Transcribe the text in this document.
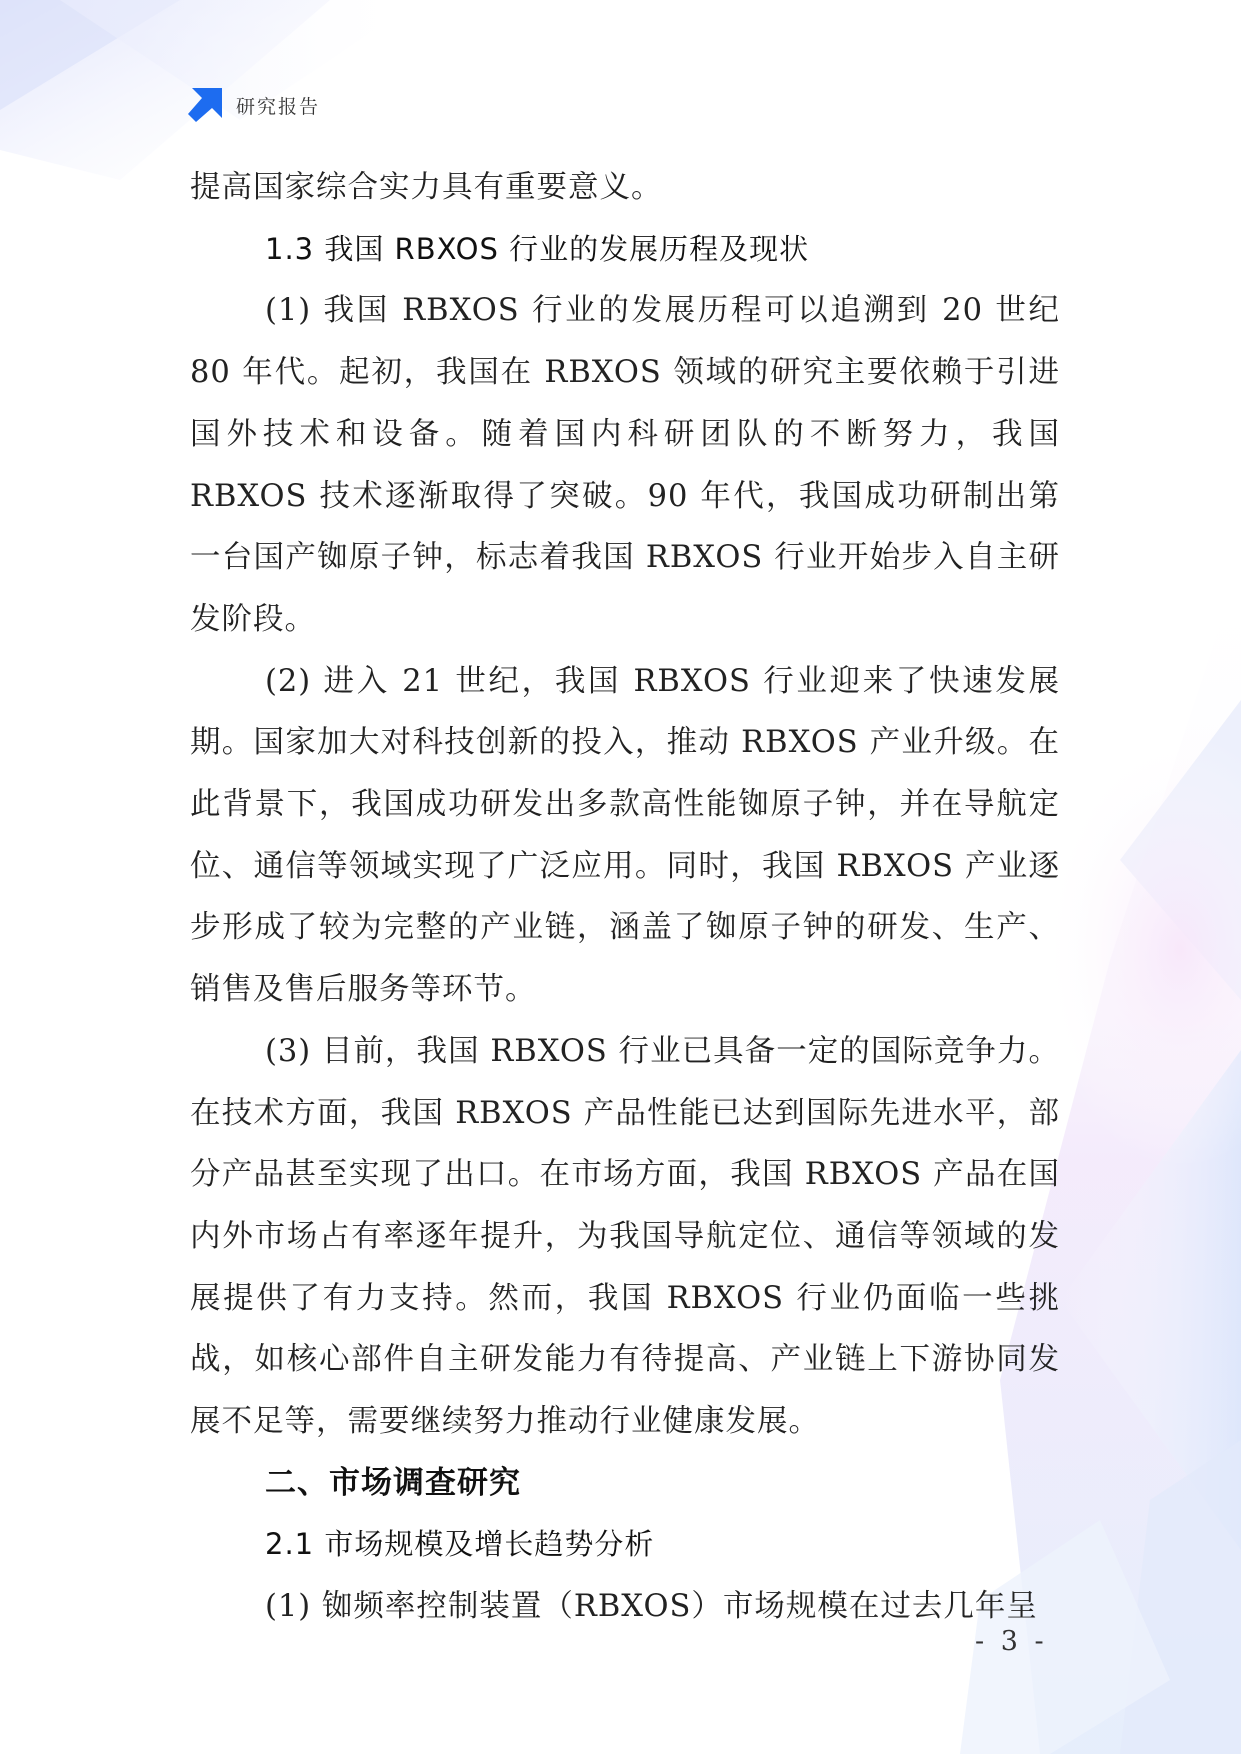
研究报告

提高国家综合实力具有重要意义。

1.3 我国 RBXOS 行业的发展历程及现状

(1) 我国 RBXOS 行业的发展历程可以追溯到 20 世纪 80 年代。起初，我国在 RBXOS 领域的研究主要依赖于引进国外技术和设备。随着国内科研团队的不断努力，我国 RBXOS 技术逐渐取得了突破。90 年代，我国成功研制出第一台国产铷原子钟，标志着我国 RBXOS 行业开始步入自主研发阶段。

(2) 进入 21 世纪，我国 RBXOS 行业迎来了快速发展期。国家加大对科技创新的投入，推动 RBXOS 产业升级。在此背景下，我国成功研发出多款高性能铷原子钟，并在导航定位、通信等领域实现了广泛应用。同时，我国 RBXOS 产业逐步形成了较为完整的产业链，涵盖了铷原子钟的研发、生产、销售及售后服务等环节。

(3) 目前，我国 RBXOS 行业已具备一定的国际竞争力。在技术方面，我国 RBXOS 产品性能已达到国际先进水平，部分产品甚至实现了出口。在市场方面，我国 RBXOS 产品在国内外市场占有率逐年提升，为我国导航定位、通信等领域的发展提供了有力支持。然而，我国 RBXOS 行业仍面临一些挑战，如核心部件自主研发能力有待提高、产业链上下游协同发展不足等，需要继续努力推动行业健康发展。

二、市场调查研究

2.1 市场规模及增长趋势分析

(1) 铷频率控制装置（RBXOS）市场规模在过去几年呈

- 3 -
